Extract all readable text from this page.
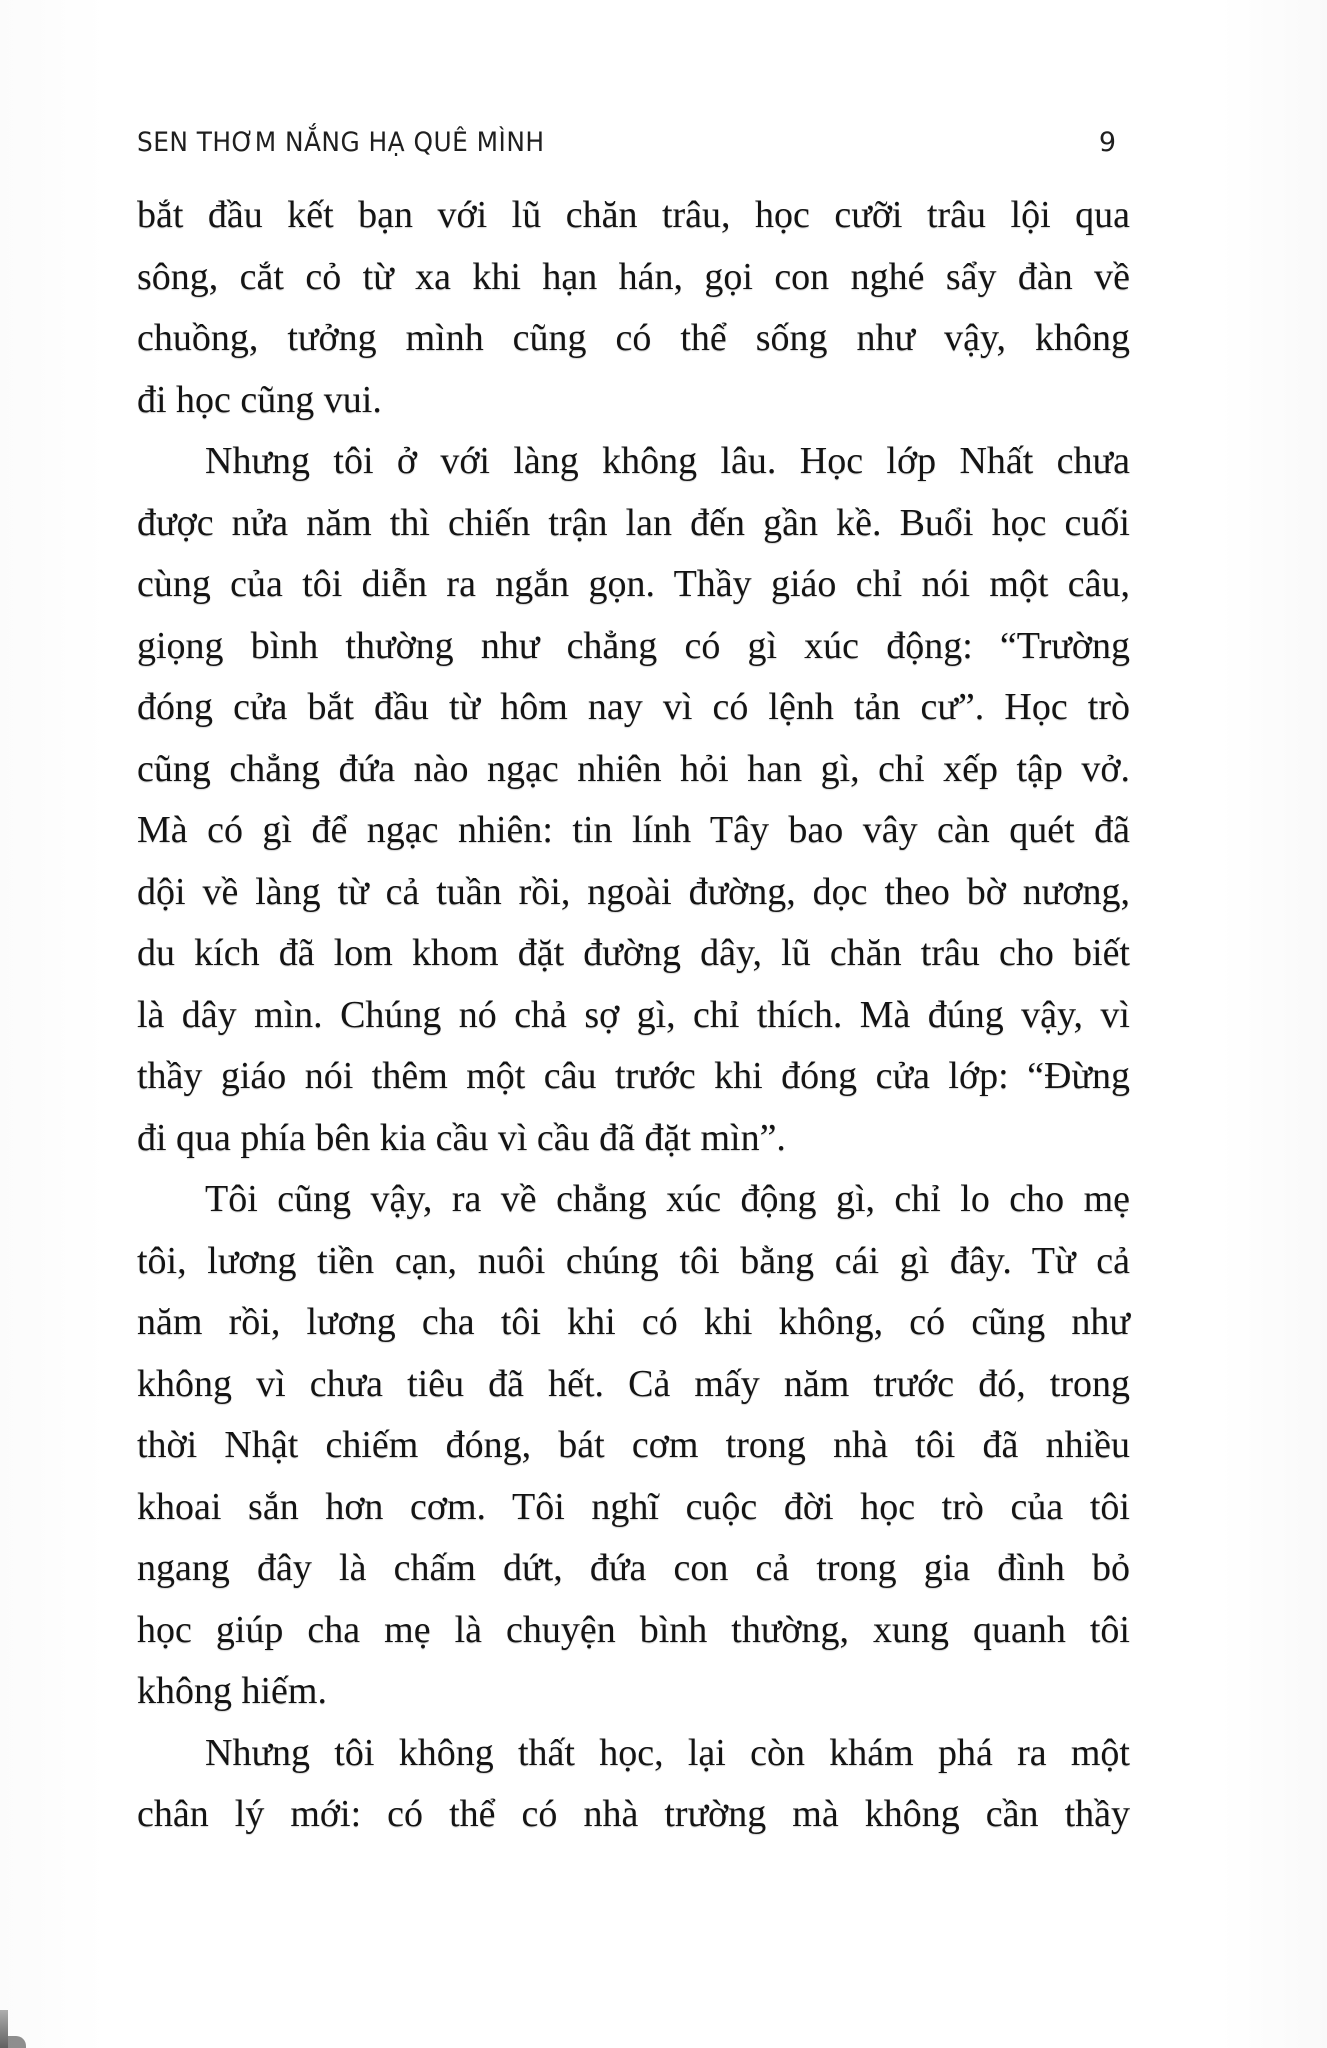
SEN THƠM NẮNG HẠ QUÊ MÌNH	9

bắt đầu kết bạn với lũ chăn trâu, học cưỡi trâu lội qua
sông, cắt cỏ từ xa khi hạn hán, gọi con nghé sẩy đàn về
chuồng, tưởng mình cũng có thể sống như vậy, không
đi học cũng vui.

Nhưng tôi ở với làng không lâu. Học lớp Nhất chưa
được nửa năm thì chiến trận lan đến gần kề. Buổi học cuối
cùng của tôi diễn ra ngắn gọn. Thầy giáo chỉ nói một câu,
giọng bình thường như chẳng có gì xúc động: “Trường
đóng cửa bắt đầu từ hôm nay vì có lệnh tản cư”. Học trò
cũng chẳng đứa nào ngạc nhiên hỏi han gì, chỉ xếp tập vở.
Mà có gì để ngạc nhiên: tin lính Tây bao vây càn quét đã
dội về làng từ cả tuần rồi, ngoài đường, dọc theo bờ nương,
du kích đã lom khom đặt đường dây, lũ chăn trâu cho biết
là dây mìn. Chúng nó chả sợ gì, chỉ thích. Mà đúng vậy, vì
thầy giáo nói thêm một câu trước khi đóng cửa lớp: “Đừng
đi qua phía bên kia cầu vì cầu đã đặt mìn”.

Tôi cũng vậy, ra về chẳng xúc động gì, chỉ lo cho mẹ
tôi, lương tiền cạn, nuôi chúng tôi bằng cái gì đây. Từ cả
năm rồi, lương cha tôi khi có khi không, có cũng như
không vì chưa tiêu đã hết. Cả mấy năm trước đó, trong
thời Nhật chiếm đóng, bát cơm trong nhà tôi đã nhiều
khoai sắn hơn cơm. Tôi nghĩ cuộc đời học trò của tôi
ngang đây là chấm dứt, đứa con cả trong gia đình bỏ
học giúp cha mẹ là chuyện bình thường, xung quanh tôi
không hiếm.

Nhưng tôi không thất học, lại còn khám phá ra một
chân lý mới: có thể có nhà trường mà không cần thầy
